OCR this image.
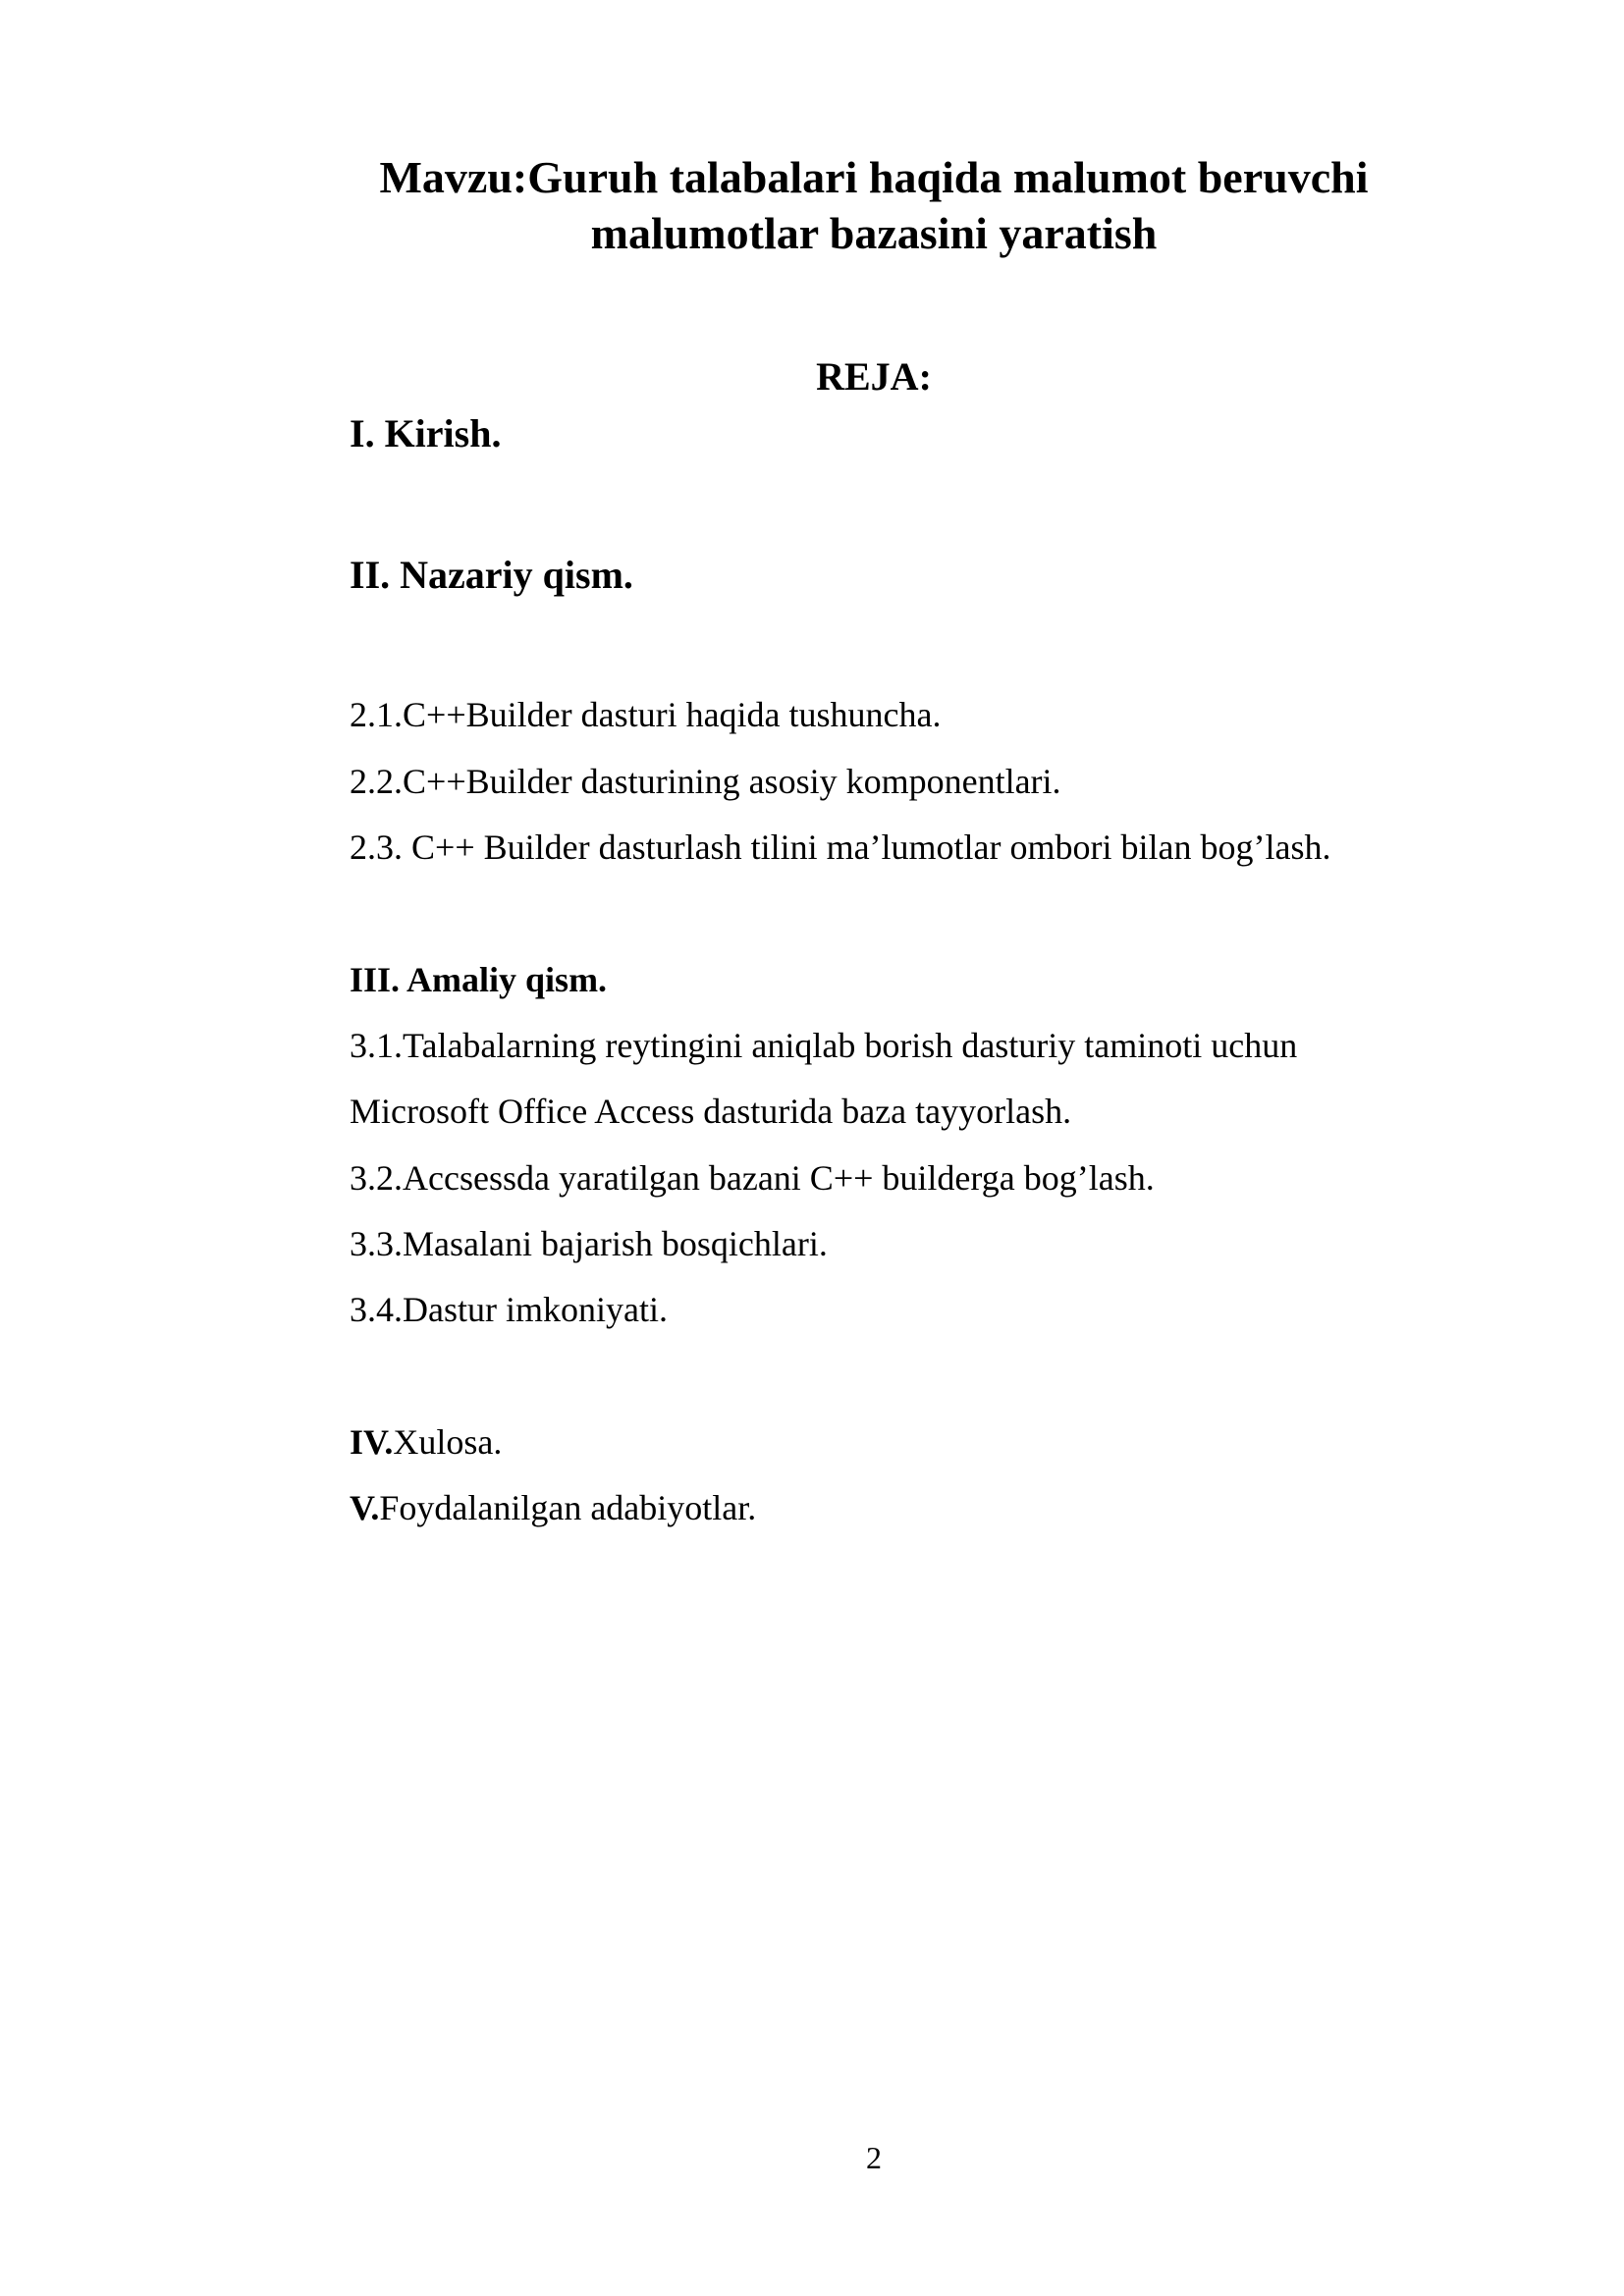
Mavzu:Guruh talabalari haqida malumot beruvchi
malumotlar bazasini yaratish

REJA:

I. Kirish.

II. Nazariy qism.

2.1.C++Builder dasturi haqida tushuncha.

2.2.C++Builder dasturining asosiy komponentlari.

2.3. C++ Builder dasturlash tilini ma’lumotlar ombori bilan bog’lash.

III. Amaliy qism.

3.1.Talabalarning reytingini aniqlab borish dasturiy taminoti uchun

Microsoft Office Access dasturida baza tayyorlash.

3.2.Accsessda yaratilgan bazani C++ builderga bog’lash.

3.3.Masalani bajarish bosqichlari.

3.4.Dastur imkoniyati.

IV.Xulosa.

V.Foydalanilgan adabiyotlar.

2
